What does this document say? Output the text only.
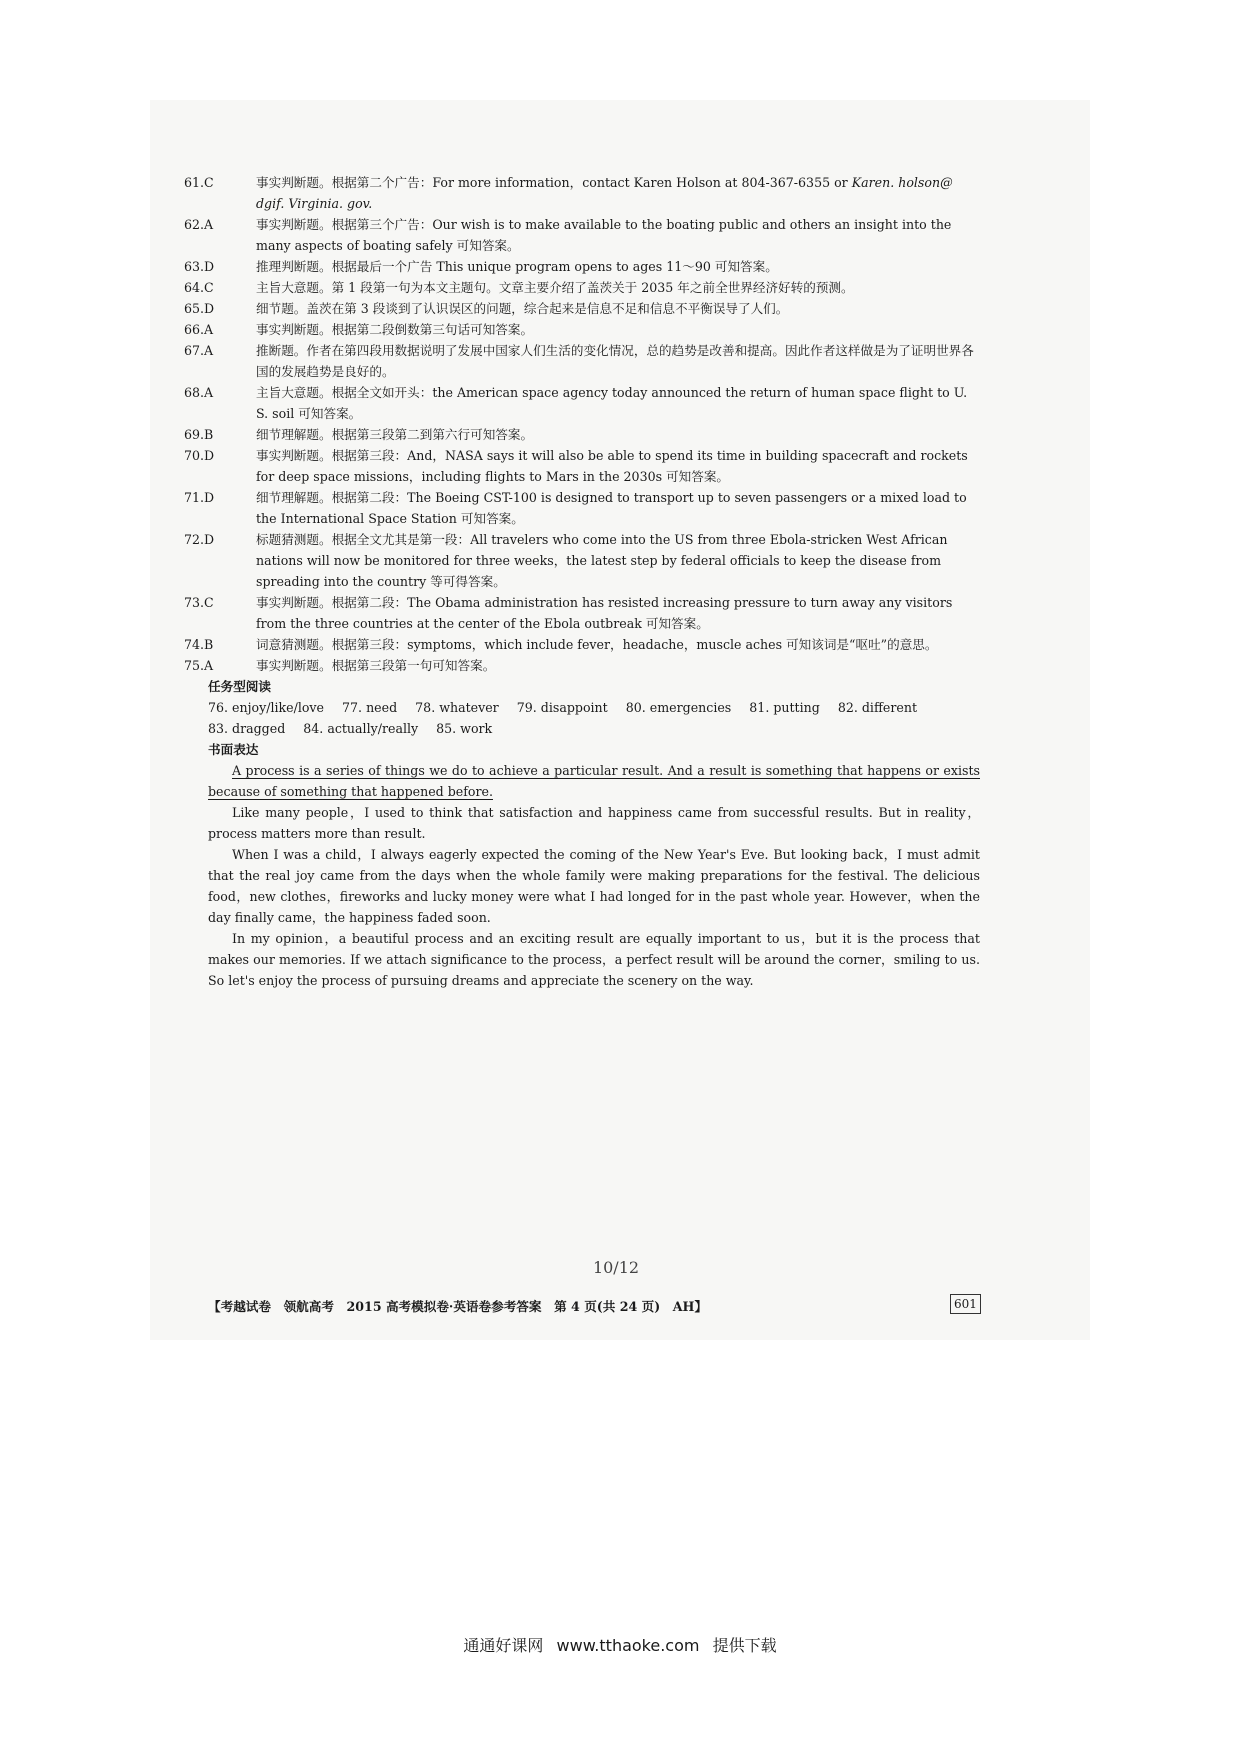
61.C	事实判断题。根据第二个广告：For more information，contact Karen Holson at 804-367-6355 or Karen. holson@ dgif. Virginia. gov.
62.A	事实判断题。根据第三个广告：Our wish is to make available to the boating public and others an insight into the many aspects of boating safely 可知答案。
63.D	推理判断题。根据最后一个广告 This unique program opens to ages 11～90 可知答案。
64.C	主旨大意题。第 1 段第一句为本文主题句。文章主要介绍了盖茨关于 2035 年之前全世界经济好转的预测。
65.D	细节题。盖茨在第 3 段谈到了认识误区的问题，综合起来是信息不足和信息不平衡误导了人们。
66.A	事实判断题。根据第二段倒数第三句话可知答案。
67.A	推断题。作者在第四段用数据说明了发展中国家人们生活的变化情况，总的趋势是改善和提高。因此作者这样做是为了证明世界各国的发展趋势是良好的。
68.A	主旨大意题。根据全文如开头：the American space agency today announced the return of human space flight to U. S. soil 可知答案。
69.B	细节理解题。根据第三段第二到第六行可知答案。
70.D	事实判断题。根据第三段：And，NASA says it will also be able to spend its time in building spacecraft and rockets for deep space missions，including flights to Mars in the 2030s 可知答案。
71.D	细节理解题。根据第二段：The Boeing CST-100 is designed to transport up to seven passengers or a mixed load to the International Space Station 可知答案。
72.D	标题猜测题。根据全文尤其是第一段：All travelers who come into the US from three Ebola-stricken West African nations will now be monitored for three weeks，the latest step by federal officials to keep the disease from spreading into the country 等可得答案。
73.C	事实判断题。根据第二段：The Obama administration has resisted increasing pressure to turn away any visitors from the three countries at the center of the Ebola outbreak 可知答案。
74.B	词意猜测题。根据第三段：symptoms，which include fever，headache，muscle aches 可知该词是“呕吐”的意思。
75.A	事实判断题。根据第三段第一句可知答案。
任务型阅读
76. enjoy/like/love 77. need 78. whatever 79. disappoint 80. emergencies 81. putting 82. different
83. dragged 84. actually/really 85. work
书面表达
A process is a series of things we do to achieve a particular result. And a result is something that happens or exists because of something that happened before.
Like many people，I used to think that satisfaction and happiness came from successful results. But in reality，process matters more than result.
When I was a child，I always eagerly expected the coming of the New Year's Eve. But looking back，I must admit that the real joy came from the days when the whole family were making preparations for the festival. The delicious food，new clothes，fireworks and lucky money were what I had longed for in the past whole year. However，when the day finally came，the happiness faded soon.
In my opinion，a beautiful process and an exciting result are equally important to us，but it is the process that makes our memories. If we attach significance to the process，a perfect result will be around the corner，smiling to us. So let's enjoy the process of pursuing dreams and appreciate the scenery on the way.
10/12
【考越试卷　领航高考　2015 高考模拟卷·英语卷参考答案　第 4 页(共 24 页)　AH】	601
通通好课网 www.tthaoke.com 提供下载
